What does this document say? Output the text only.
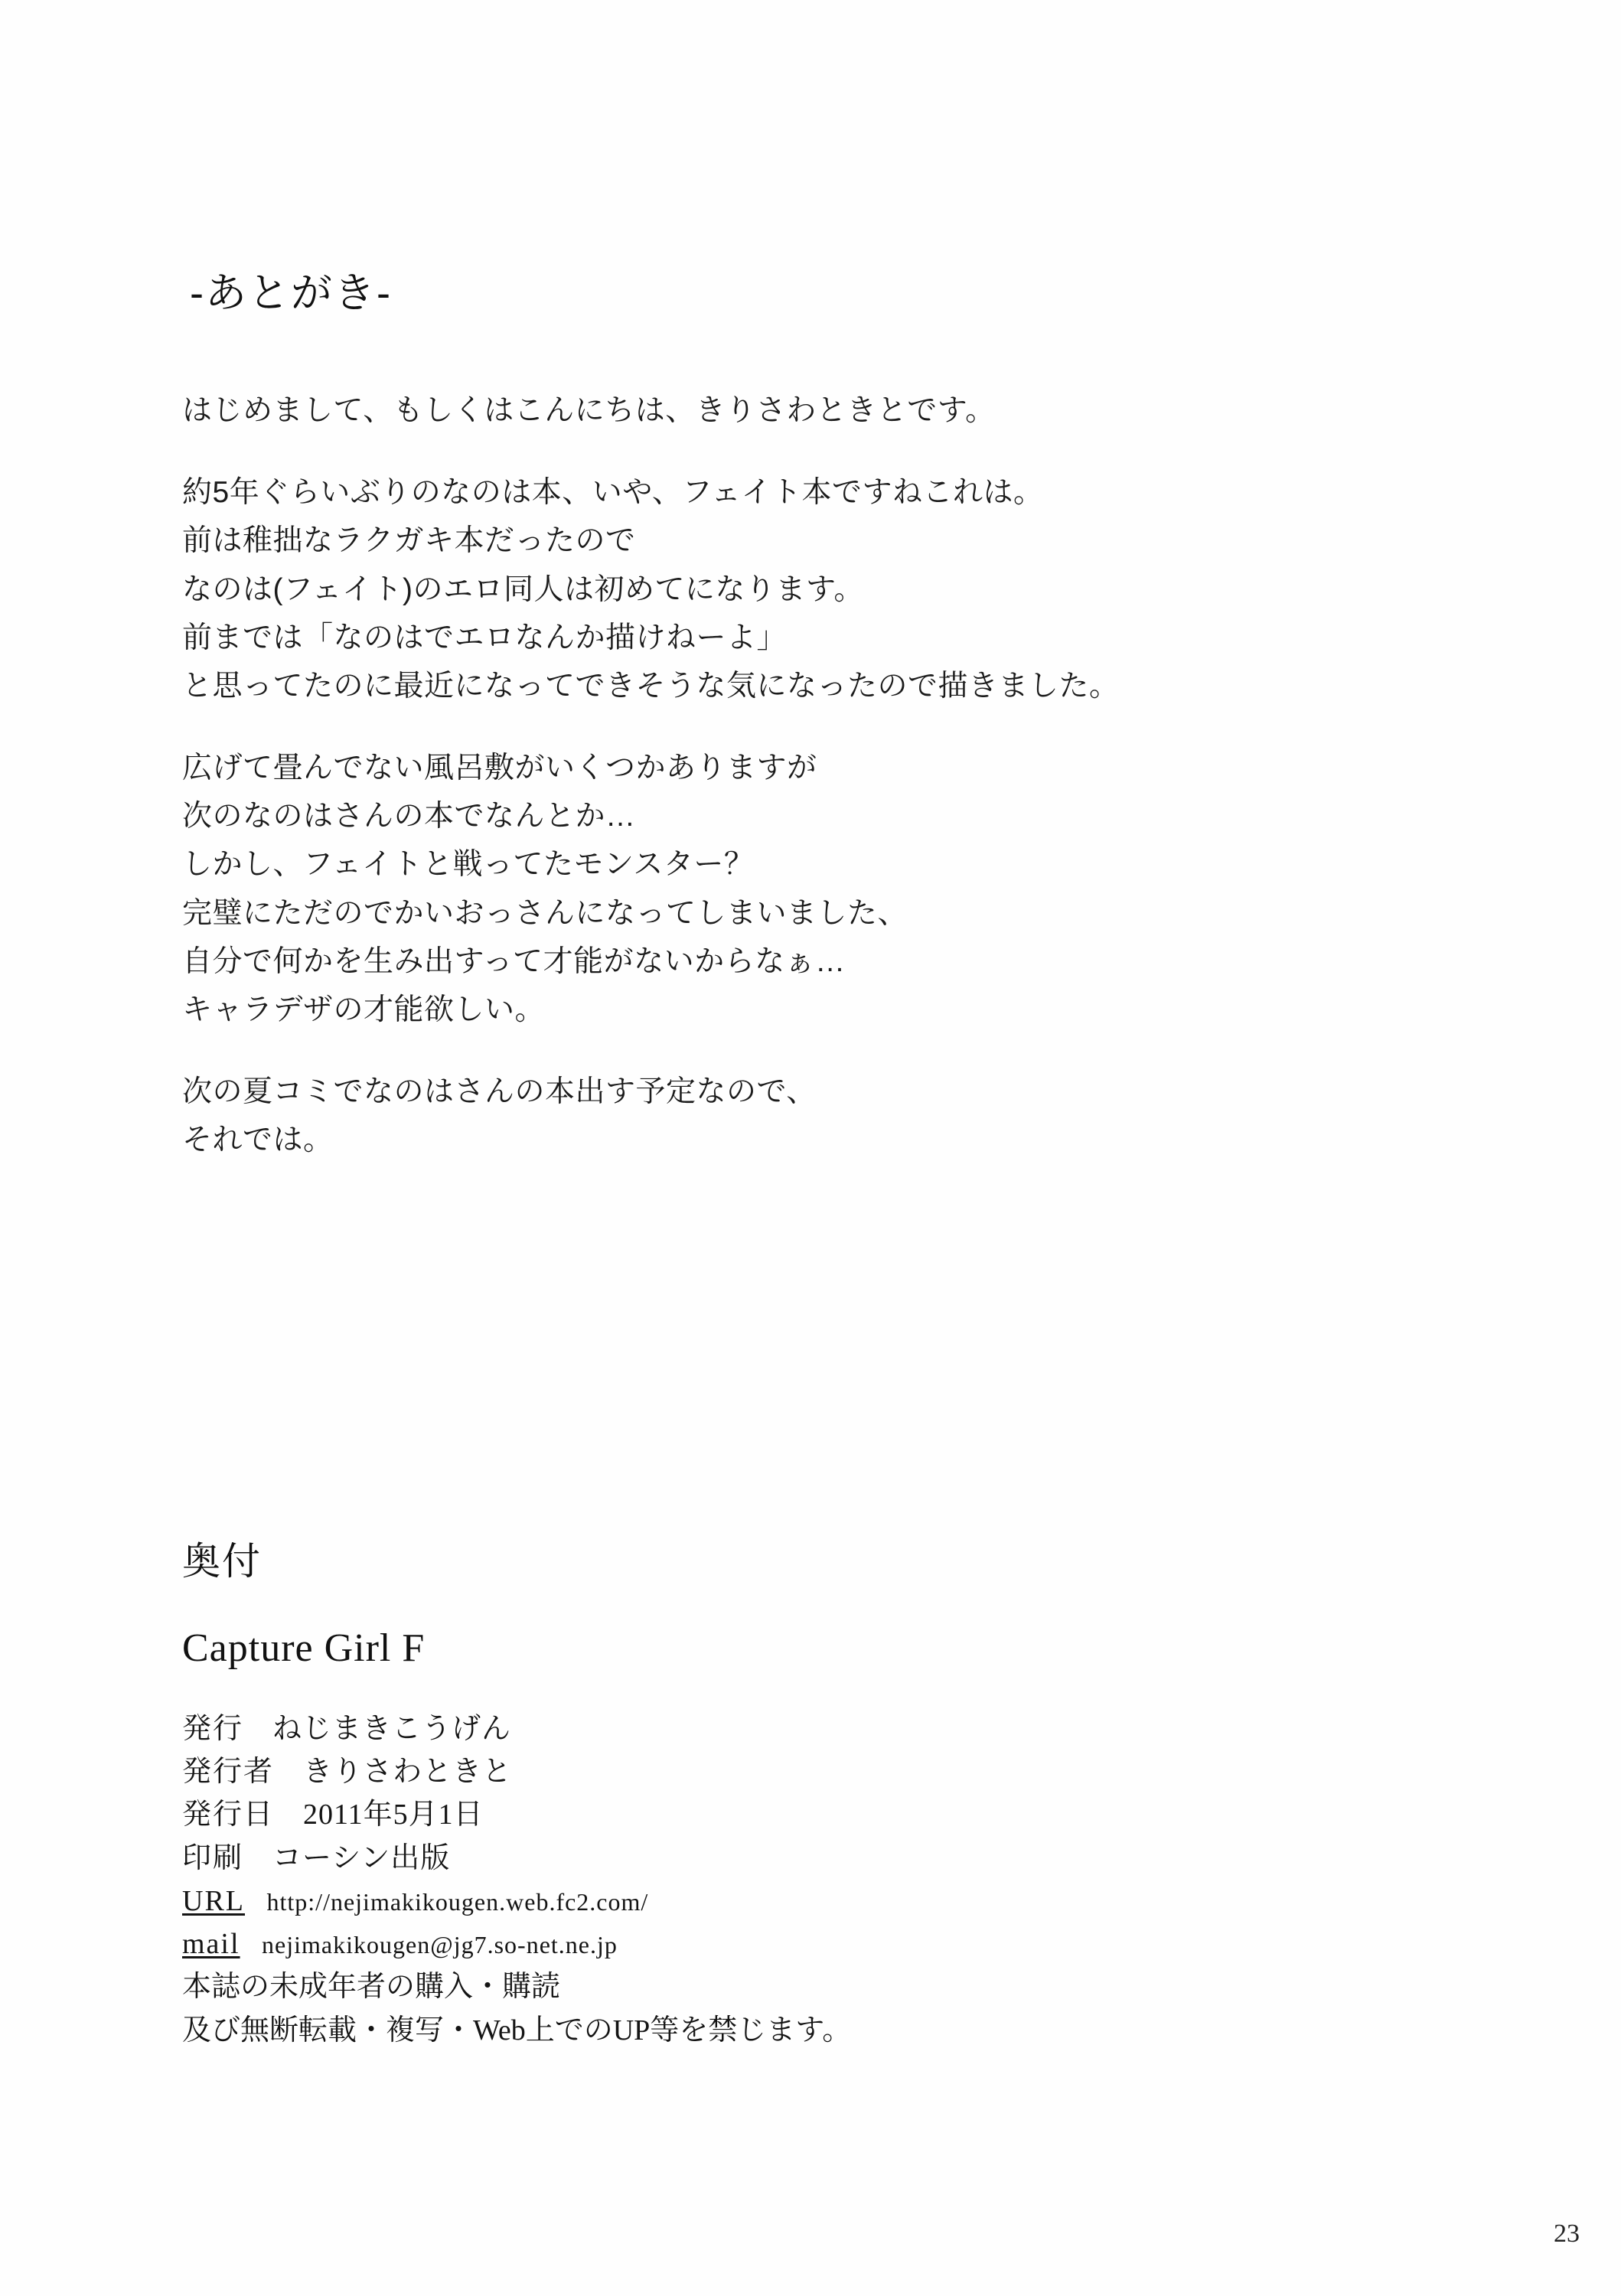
-あとがき-

はじめまして、もしくはこんにちは、きりさわときとです。

約5年ぐらいぶりのなのは本、いや、フェイト本ですねこれは。
前は稚拙なラクガキ本だったので
なのは(フェイト)のエロ同人は初めてになります。
前までは「なのはでエロなんか描けねーよ」
と思ってたのに最近になってできそうな気になったので描きました。

広げて畳んでない風呂敷がいくつかありますが
次のなのはさんの本でなんとか…
しかし、フェイトと戦ってたモンスター？
完璧にただのでかいおっさんになってしまいました、
自分で何かを生み出すって才能がないからなぁ…
キャラデザの才能欲しい。

次の夏コミでなのはさんの本出す予定なので、
それでは。

奥付
Capture Girl F
発行 ねじまきこうげん
発行者 きりさわときと
発行日 2011年5月1日
印刷 コーシン出版
URL http://nejimakikougen.web.fc2.com/
mail nejimakikougen@jg7.so-net.ne.jp
本誌の未成年者の購入・購読
及び無断転載・複写・Web上でのUP等を禁じます。
23
